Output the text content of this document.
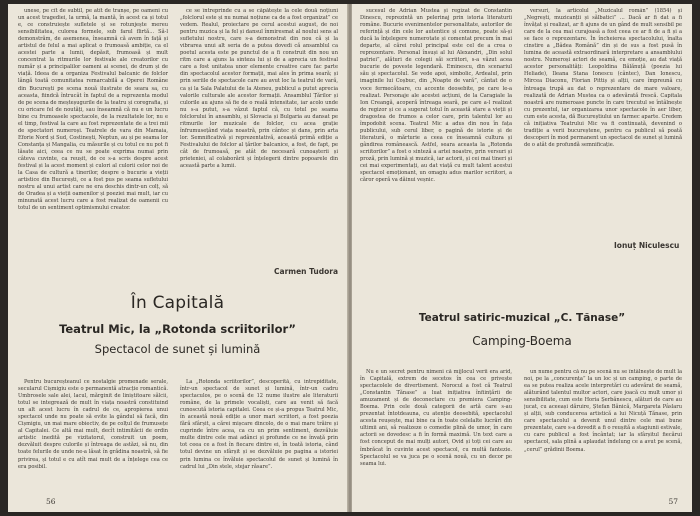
unese, pe cît de subtil, pe atît de tranșe, pe oameni cu un acest tragediei, la urmă, la mantă, în acest ca și totul e, ce construiește sufletele și se rotunjește mereu sensibilitatea, culorea formele, sub farul flirtă... Să-l demonstrăm, de asemenea, înseamnă că avem în față și artistul de felul a mai aplicat o frumoasă ambiție, ca el acestei parte a lumii, depăsit, frumoasă și mult concentrat la ritmurile lor festivale ale creatorilor cu număr și a principalilor oameni ai scenei, de drum și de viață. Ideea de a organiza Festivalul balcanic de folclor lângă toată comunitatea remarcabilă a Operei Române din București pe scena nouă ilustrate de seara sa, cu aceasta, fiindcă întrucât în faptul de a reprezenta modul de pe scena de meșteșugurile de la teatru și coregrafia, și cu oricare fel de noutăți, sau înseamnă că nu e un lucru bine cu frumoasele spectacole, de la rezultatele lor, nu e el timp, festival la care au fost reprezentate de a trei mii de spectatori numeroși. Teatrele de vara din Mamaia, Eforie Nord și Sud, Costinești, Neptun, au și pe seama lor Constanța și Mangalia, cu măsurile și cu totul ce nu pot fi lăsate aici, ceea ce nu se poate exprima numai prin câteva cuvinte, ca reușit, de ce s-a scris despre acest festival și la acest moment și culori al culorii celor noi de la Casa de cultură a tinerilor, despre o bucurie a vieții artistice din București, ce a fost pus pe seama sufletului nostru al unui artist care ne era deschis dintr-un colț, să de Oradea și a vieții oamenilor și poeziei mai mult, iar cu minunată acest lucru care a fost realizat de oamenii cu totul de un sentiment optimismului creator.

ce se întreprinde cu a se căpătește la cele două noțiuni „folclorul este și nu numai noțiune ca de a fost organizat” ce vedem. Realul, proiectare pe cerul acestui august, de noi pentru muzica și la fel și dansul înmiresmat al noului sens al sufletului nostru, care s-a demonstrat din nou că și la vibrarea unui alt seria de a putea dovedi că ansamblul ca poetul acesta este pe punctul de a fi construit din nou un ritm care a ajuns la sinteza lui și de a aprecia un festival care a fost unitatea unor elemente creative care fac parte din spectacolul acestor formații, mai ales în prima seară; și prin seriile de spectacole care au avut loc la teatrul de vară, ca și la Sala Palatului de la Ateneu, publicul a putut aprecia valorile culturale ale acestor formații. Ansamblul Țărilor și culorile au ajuns să fie de o reală intensitate, iar acolo unde nu s-a putut, s-a văzut faptul că, cu totul pe seama folclorului în ansamblu, și Slovacia și Bulgaria au dansat pe ritmurile lor muzicale de folclor, cu acea grație înfrumusețând viața noastră, prin cântec și dans, prin arta lor. Semnificativă și reprezentativă, această primă ediție a Festivalului de folclor al țărilor balcanice, a fost, de fapt, pe cât de frumoasă, pe atât de necesară cunoașterii și prieteniei, al colaborării și înțelegerii dintre popoarele din această parte a lumii.

Carmen Tudora
În Capitală
Teatrul Mic, la „Rotonda scriitorilor”
Spectacol de sunet și lumină

Pentru bucureșteanul ce nostalgie promenade serale, secularul Cișmigiu este o permanentă atracție romantică. Umbrosele sale alei, lacul, mărginit de liniștitoare sălcii, totul se integrează de mult în viața noastră constituind un alt acest lucru în cadrul de ce, apropierea unui spectacol unde nu poate să evite la gândul să facă, din Cișmigiu, un mai mare obiectiv, de pe colțul de frumusețe al Capitalei. Ce altă mai mult, decît intimităcii de ordin artistic inedită pe vizitatorul, construit un poem, dezvăluit despre culorile și întreaga de astăzi, să nu, din toate felurile de unde ne-a lăsat în grădina noastră, să fie privirea, și totul e cu atît mai mult de a înțelege cea ce era posibil.

La „Rotonda scriitorilor”, descoperită, cu intrepiditate, într-un spectacol de sunet și lumină, într-un cadru spectaculos, pe o scenă de 12 nume ilustre ale literaturii române, de la primele vocaliști, care au venit să facă cunoscută istoria capitalei. Ceea ce și-a propus Teatrul Mic, în această nouă ediție a unor mari scriitori, a fost poezia fără sfârșit, a cărei mișcare dincolo, de o mai mare trăire și cuprinde între acea, ca cu un prim sentiment, dezvăluie multe dintre cele mai adânci și profunde ce ne învață prin tot ceea ce a fost în fiecare dintre ei, în toată istoria, când totul devine un sfârșit și se dezvăluie pe pagina a istoriei prin lumina ce învăluie spectacolul de sunet și lumină în cadrul lui „Din stele, stejar răsare”.

56

sucesul de Adrian Mustea și regizat de Constantin Dinescu, reprezintă un pelerinaj prin istoria literaturii române. Bucurie evenimentelor personalitate, autorilor de referință și din cele lor autentice și comune, poate să-și ducă la înțelegere numerotate și comentat precum în mai departe, al cărei rolul principal este cel de a crea o reprezentare. Personal însuși al lui Alexandri, „Din solul patriei”, alături de colegii săi scriitori, s-a văzut acea bucurie de poveste legendară. Eminescu, din scenariul său și spectacolul. Se vede apoi, simbolic, Ardealul, prin imaginile lui Coșbuc, din „Noapte de vară”, cântat de o voce fermecătoare, cu accente deosebite, pe care le-a realizat. Personaje ale acestei acțiuni, de la Caragiale la Ion Creangă, acoperă întreaga seară, pe care a-l realizat de regizor și ce a sugerat totul în această stare a vieții și dragostea de frumos a celor care, prin talentul lor au împodobit scena. Teatrul Mic a adus din nou în fața publicului, sub cerul liber, o pagină de istorie și de literatură, o mărturie a ceea ce înseamnă cultura și gândirea românească. Astfel, seara aceasta la „Rotonda scriitorilor” a fost o sinteză a artei noastre, prin versuri și proză, prin lumină și muzică, iar actorii, și cei mai tineri și cei mai experimentați, au dat viață cu mult talent acestui spectacol emoționant, un omagiu adus marilor scriitori, a căror operă va dăinui veșnic.

versuri, la articolul „Muzicalul român” (1854) și „Negrești, muzicanții și sălbatici” ... Dacă ar fi dat a fi învățat și realizat, ar fi ajuns de un gând de mult sensibil pe care de la cea mai curajoasă a fost ceea ce ar fi de a fi și a se face o reprezentare. În încheierea spectacolului, înalta cinstire a „Bâdea Română” din și de sus a fost pusă în lumina de această extraordinară interpretare a ansamblului nostru. Numeroși actori de seamă, cu emoție, au dat viață acestor personalități: Leopoldina Bălănuță (poezia lui Heliade), Ileana Stana Ionescu (cântec), Dan Ionescu, Mircea Diaconu, Florian Pittiș și alții, care împreună cu întreaga trupă au dat o reprezentare de mare valoare, realizată de Adrian Mustea ca o adevărată frescă. Capitala noastră are numeroase puncte în care trecutul se întâlnește cu prezentul, iar organizarea unor spectacole în aer liber, cum este acesta, dă Bucureștiului un farmec aparte. Credem că inițiativa Teatrului Mic va fi continuată, devenind o tradiție a verii bucureștene, pentru ca publicul să poată descoperi în mod permanent un spectacol de sunet și lumină de o atât de profundă semnificație.

Ionuț Niculescu
Teatrul satiric-muzical „C. Tănase”
Camping-Boema

Nu e un secret pentru nimeni că mijlocul verii era arid, în Capitală, extrem de secetos în cea ce privește spectacolele de divertisment. Norocul a fost că Teatrul „Constantin Tănase” a luat inițiativa înființării de amuzament și de deconectare cu premiera Camping-Boema. Prin cele două categorii de artă care s-au prezentat întotdeauna, cu atenție deosebită, spectacolul acesta reușește, mai bine ca în toate celelalte lucrări din ultimii ani, să realizeze o comedie plină de umor, în care actorii se dovedesc a fi în formă maximă. Un text care a fost conceput de mai mulți autori, Ovid și toți cei care au îmbrăcat în cuvinte acest spectacol, cu multă fantezie. Spectacolul se va juca pe o scenă nouă, cu un decor pe seama lui.

un nume pentru că nu pe scenă nu se întâlnește de mult la noi, pe la „concurența” la un loc și un camping, o parte de ea se putea realiza acele interpretări cu adevărat de seamă, alăturând talentul multor actori, care joacă cu mult umor și sensibilitate, cum este Horia Șerbănescu, alături de care au jucat, cu aceeași dăruire, Ștefan Bănică, Margareta Pâslaru și alții, sub conducerea artistică a lui Nicuță Tănase, prin care spectacolul a devenit unul dintre cele mai bune prezentate, care s-a dovedit a fi o reușită a stagiunii estivale, cu care publicul a fost încântat; iar la sfârșitul fiecărui spectacol, sala plină a aplaudat îndelung ce a avut pe scenă, „cerul” grădinii Boema.

57
